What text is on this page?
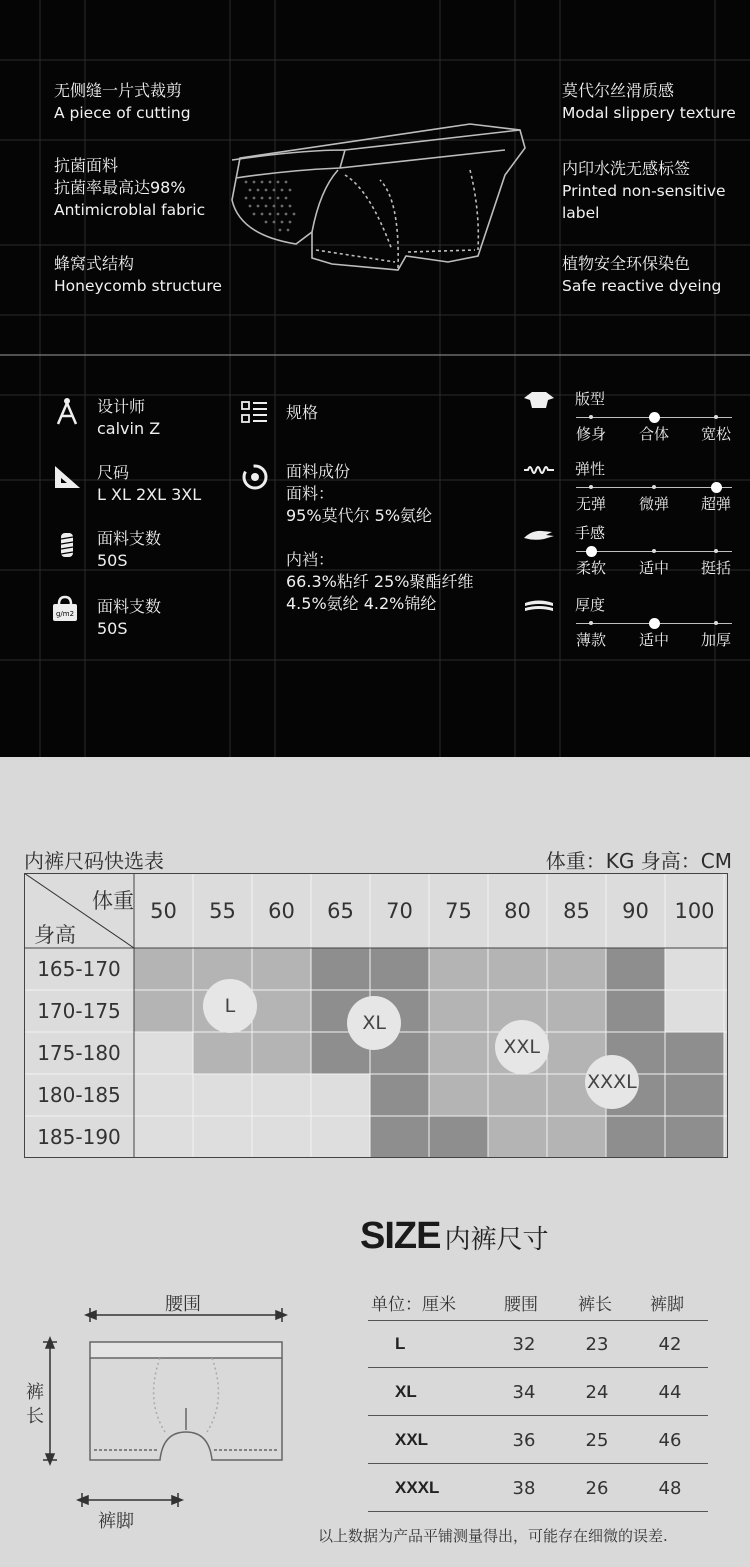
无侧缝一片式裁剪
A piece of cutting
抗菌面料
抗菌率最高达98%
Antimicroblal fabric
蜂窝式结构
Honeycomb structure
莫代尔丝滑质感
Modal slippery texture
内印水洗无感标签
Printed non-sensitive
label
植物安全环保染色
Safe reactive dyeing
设计师
calvin Z
尺码
L XL 2XL 3XL
面料支数
50S
g/m2 面料支数
50S
规格
面料成份
面料：
95%莫代尔 5%氨纶
内裆：
66.3%粘纤 25%聚酯纤维
4.5%氨纶 4.2%锦纶
版型
修身	合体	宽松
弹性
无弹	微弹	超弹
手感
柔软	适中	挺括
厚度
薄款	适中	加厚
内裤尺码快选表	体重：KG 身高：CM
体重
身高
50	55	60	65	70	75	80	85	90	100
165-170
170-175
175-180
180-185
185-190
L
XL
XXL
XXXL
SIZE 内裤尺寸
单位：厘米	腰围 裤长 裤脚
L	32	23	42
XL	34	24	44
XXL	36	25	46
XXXL	38	26	48
以上数据为产品平铺测量得出，可能存在细微的误差.
腰围
裤
长
裤脚
